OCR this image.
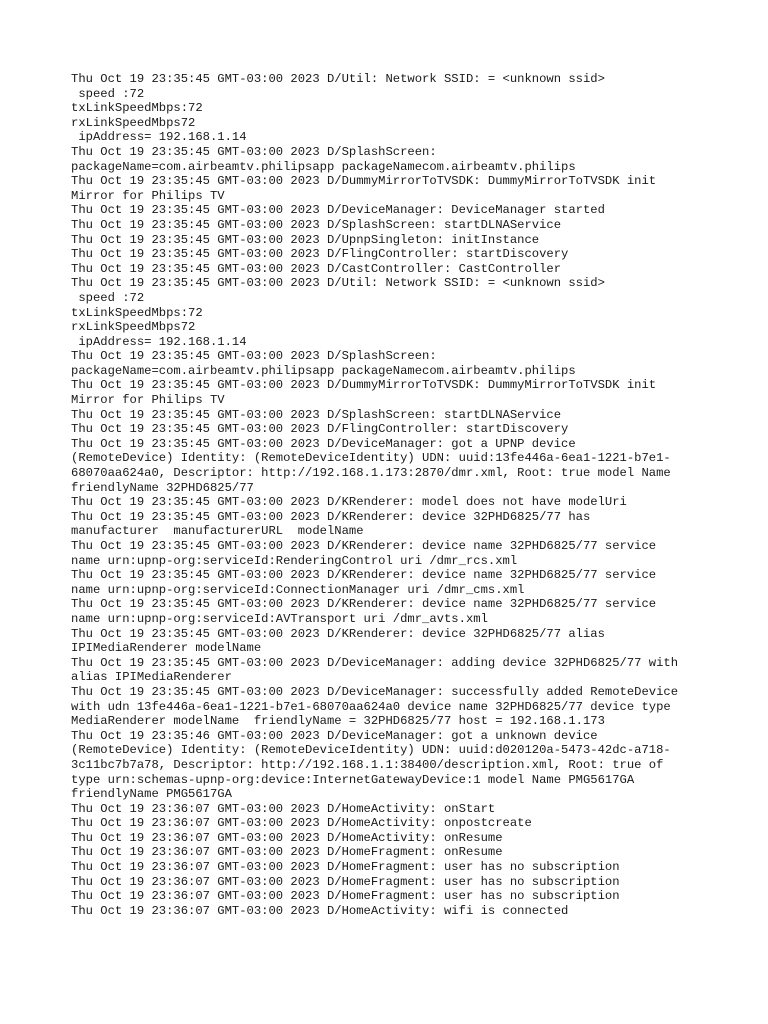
Thu Oct 19 23:35:45 GMT-03:00 2023 D/Util: Network SSID: = <unknown ssid>
speed :72
txLinkSpeedMbps:72
rxLinkSpeedMbps72
ipAddress= 192.168.1.14
Thu Oct 19 23:35:45 GMT-03:00 2023 D/SplashScreen:
packageName=com.airbeamtv.philipsapp packageNamecom.airbeamtv.philips
Thu Oct 19 23:35:45 GMT-03:00 2023 D/DummyMirrorToTVSDK: DummyMirrorToTVSDK init
Mirror for Philips TV
Thu Oct 19 23:35:45 GMT-03:00 2023 D/DeviceManager: DeviceManager started
Thu Oct 19 23:35:45 GMT-03:00 2023 D/SplashScreen: startDLNAService
Thu Oct 19 23:35:45 GMT-03:00 2023 D/UpnpSingleton: initInstance
Thu Oct 19 23:35:45 GMT-03:00 2023 D/FlingController: startDiscovery
Thu Oct 19 23:35:45 GMT-03:00 2023 D/CastController: CastController
Thu Oct 19 23:35:45 GMT-03:00 2023 D/Util: Network SSID: = <unknown ssid>
speed :72
txLinkSpeedMbps:72
rxLinkSpeedMbps72
ipAddress= 192.168.1.14
Thu Oct 19 23:35:45 GMT-03:00 2023 D/SplashScreen:
packageName=com.airbeamtv.philipsapp packageNamecom.airbeamtv.philips
Thu Oct 19 23:35:45 GMT-03:00 2023 D/DummyMirrorToTVSDK: DummyMirrorToTVSDK init
Mirror for Philips TV
Thu Oct 19 23:35:45 GMT-03:00 2023 D/SplashScreen: startDLNAService
Thu Oct 19 23:35:45 GMT-03:00 2023 D/FlingController: startDiscovery
Thu Oct 19 23:35:45 GMT-03:00 2023 D/DeviceManager: got a UPNP device
(RemoteDevice) Identity: (RemoteDeviceIdentity) UDN: uuid:13fe446a-6ea1-1221-b7e1-
68070aa624a0, Descriptor: http://192.168.1.173:2870/dmr.xml, Root: true model Name
friendlyName 32PHD6825/77
Thu Oct 19 23:35:45 GMT-03:00 2023 D/KRenderer: model does not have modelUri
Thu Oct 19 23:35:45 GMT-03:00 2023 D/KRenderer: device 32PHD6825/77 has
manufacturer  manufacturerURL  modelName
Thu Oct 19 23:35:45 GMT-03:00 2023 D/KRenderer: device name 32PHD6825/77 service
name urn:upnp-org:serviceId:RenderingControl uri /dmr_rcs.xml
Thu Oct 19 23:35:45 GMT-03:00 2023 D/KRenderer: device name 32PHD6825/77 service
name urn:upnp-org:serviceId:ConnectionManager uri /dmr_cms.xml
Thu Oct 19 23:35:45 GMT-03:00 2023 D/KRenderer: device name 32PHD6825/77 service
name urn:upnp-org:serviceId:AVTransport uri /dmr_avts.xml
Thu Oct 19 23:35:45 GMT-03:00 2023 D/KRenderer: device 32PHD6825/77 alias
IPIMediaRenderer modelName
Thu Oct 19 23:35:45 GMT-03:00 2023 D/DeviceManager: adding device 32PHD6825/77 with
alias IPIMediaRenderer
Thu Oct 19 23:35:45 GMT-03:00 2023 D/DeviceManager: successfully added RemoteDevice
with udn 13fe446a-6ea1-1221-b7e1-68070aa624a0 device name 32PHD6825/77 device type
MediaRenderer modelName  friendlyName = 32PHD6825/77 host = 192.168.1.173
Thu Oct 19 23:35:46 GMT-03:00 2023 D/DeviceManager: got a unknown device
(RemoteDevice) Identity: (RemoteDeviceIdentity) UDN: uuid:d020120a-5473-42dc-a718-
3c11bc7b7a78, Descriptor: http://192.168.1.1:38400/description.xml, Root: true of
type urn:schemas-upnp-org:device:InternetGatewayDevice:1 model Name PMG5617GA
friendlyName PMG5617GA
Thu Oct 19 23:36:07 GMT-03:00 2023 D/HomeActivity: onStart
Thu Oct 19 23:36:07 GMT-03:00 2023 D/HomeActivity: onpostcreate
Thu Oct 19 23:36:07 GMT-03:00 2023 D/HomeActivity: onResume
Thu Oct 19 23:36:07 GMT-03:00 2023 D/HomeFragment: onResume
Thu Oct 19 23:36:07 GMT-03:00 2023 D/HomeFragment: user has no subscription
Thu Oct 19 23:36:07 GMT-03:00 2023 D/HomeFragment: user has no subscription
Thu Oct 19 23:36:07 GMT-03:00 2023 D/HomeFragment: user has no subscription
Thu Oct 19 23:36:07 GMT-03:00 2023 D/HomeActivity: wifi is connected
